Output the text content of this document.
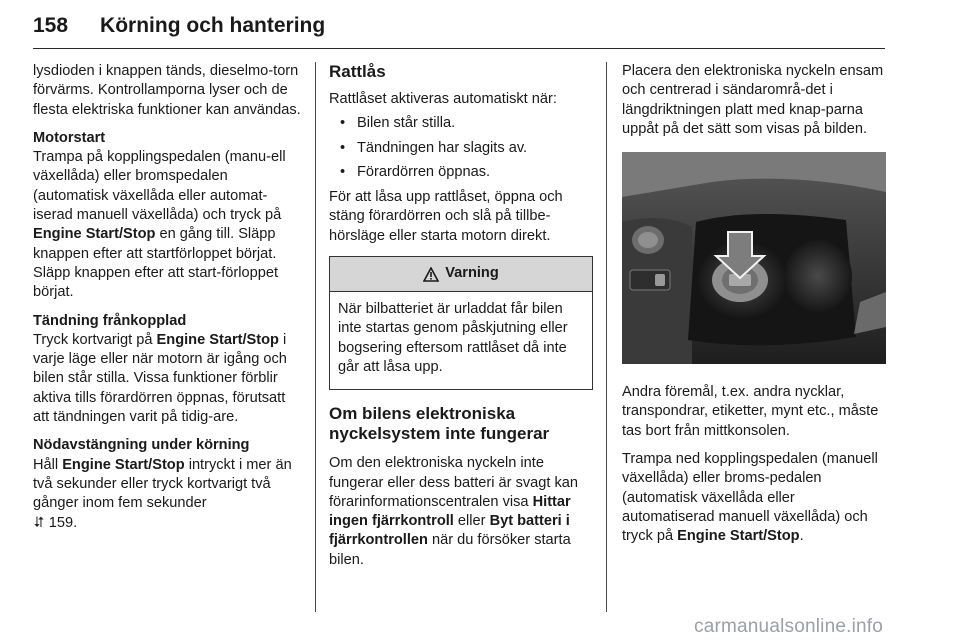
158 Körning och hantering

lysdioden i knappen tänds, dieselmo-torn förvärms. Kontrollamporna lyser och de flesta elektriska funktioner kan användas.

Motorstart

Trampa på kopplingspedalen (manu-ell växellåda) eller bromspedalen (automatisk växellåda eller automat-iserad manuell växellåda) och tryck på Engine Start/Stop en gång till. Släpp knappen efter att startförloppet börjat. Släpp knappen efter att start-förloppet börjat.

Tändning frånkopplad

Tryck kortvarigt på Engine Start/Stop i varje läge eller när motorn är igång och bilen står stilla. Vissa funktioner förblir aktiva tills förardörren öppnas, förutsatt att tändningen varit på tidig-are.

Nödavstängning under körning

Håll Engine Start/Stop intryckt i mer än två sekunder eller tryck kortvarigt två gånger inom fem sekunder
⮃ 159.

Rattlås

Rattlåset aktiveras automatiskt när:

• Bilen står stilla.
• Tändningen har slagits av.
• Förardörren öppnas.

För att låsa upp rattlåset, öppna och stäng förardörren och slå på tillbe-hörsläge eller starta motorn direkt.

Varning
När bilbatteriet är urladdat får bilen inte startas genom påskjutning eller bogsering eftersom rattlåset då inte går att låsa upp.
Om bilens elektroniska
nyckelsystem inte fungerar

Om den elektroniska nyckeln inte fungerar eller dess batteri är svagt kan förarinformationscentralen visa Hittar ingen fjärrkontroll eller Byt batteri i fjärrkontrollen när du försöker starta bilen.

Placera den elektroniska nyckeln ensam och centrerad i sändarområ-det i längdriktningen platt med knap-parna uppåt på det sätt som visas på bilden.

Andra föremål, t.ex. andra nycklar, transpondrar, etiketter, mynt etc., måste tas bort från mittkonsolen.

Trampa ned kopplingspedalen (manuell växellåda) eller broms-pedalen (automatisk växellåda eller automatiserad manuell växellåda) och tryck på Engine Start/Stop.

carmanualsonline.info
